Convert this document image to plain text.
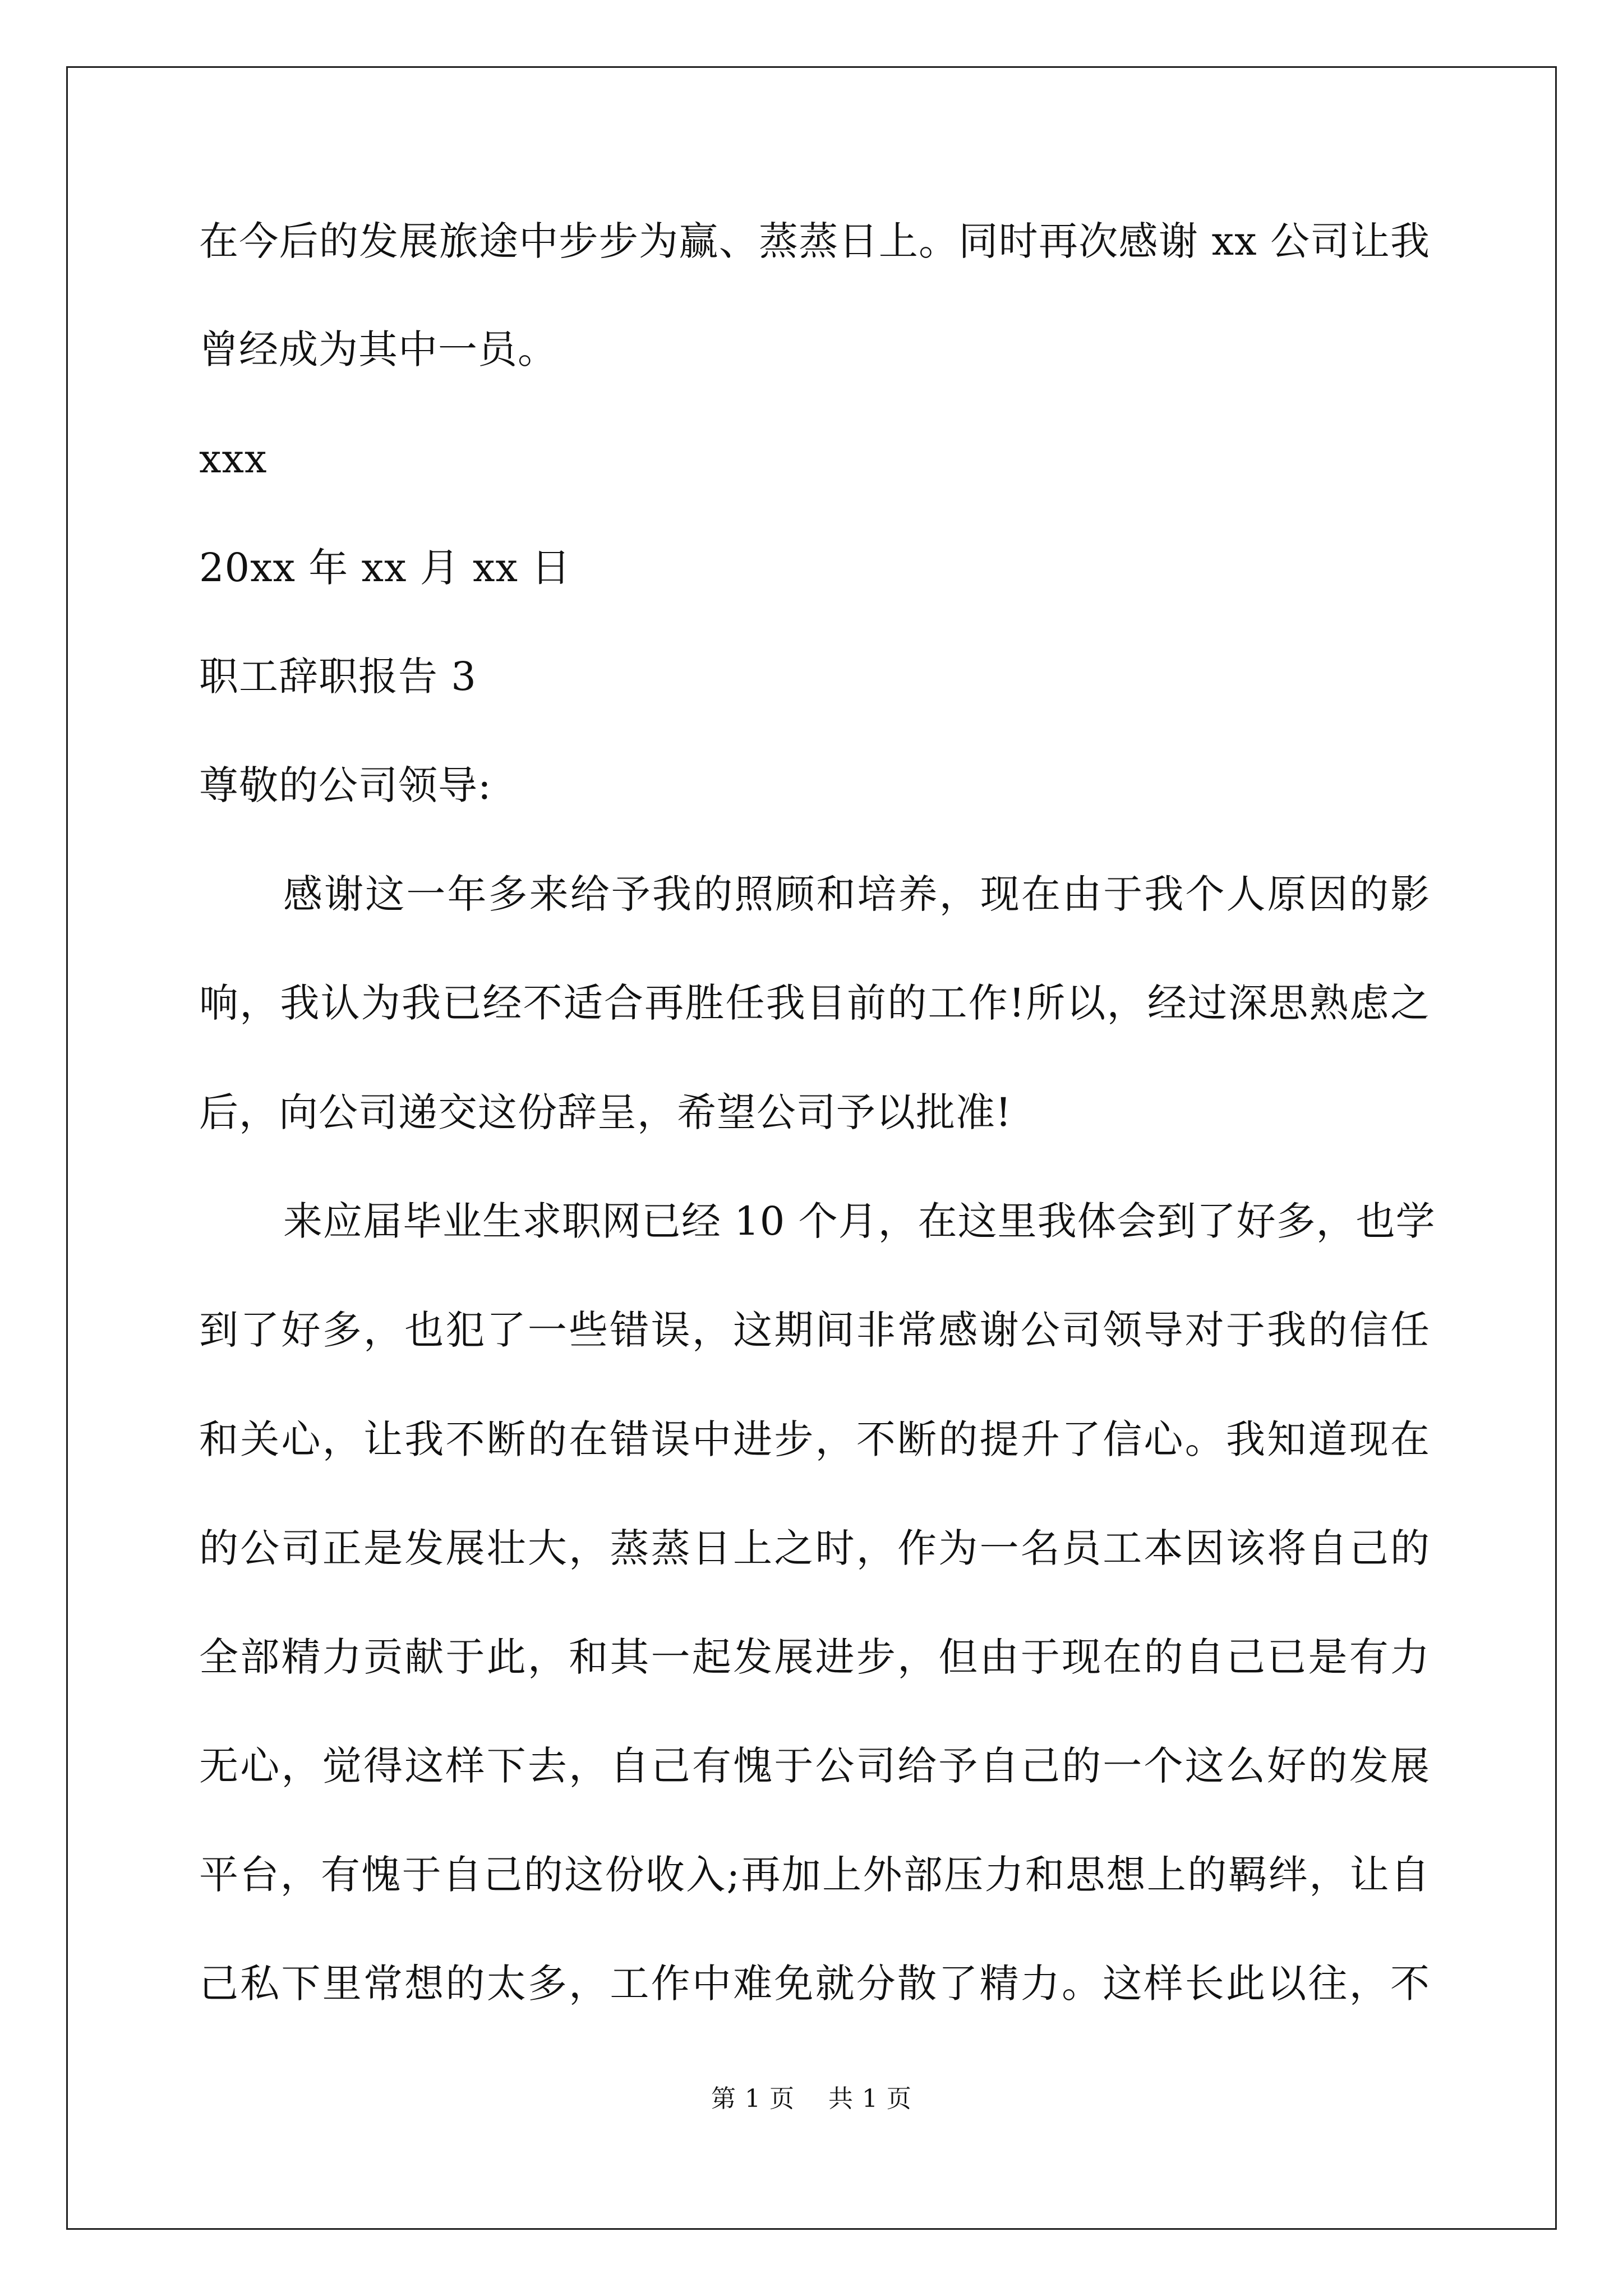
在今后的发展旅途中步步为赢、蒸蒸日上。同时再次感谢 xx 公司让我
曾经成为其中一员。
xxx
20xx 年 xx 月 xx 日
职工辞职报告 3
尊敬的公司领导:
感谢这一年多来给予我的照顾和培养，现在由于我个人原因的影
响，我认为我已经不适合再胜任我目前的工作!所以，经过深思熟虑之
后，向公司递交这份辞呈，希望公司予以批准!
来应届毕业生求职网已经 10 个月，在这里我体会到了好多，也学
到了好多，也犯了一些错误，这期间非常感谢公司领导对于我的信任
和关心，让我不断的在错误中进步，不断的提升了信心。我知道现在
的公司正是发展壮大，蒸蒸日上之时，作为一名员工本因该将自己的
全部精力贡献于此，和其一起发展进步，但由于现在的自己已是有力
无心，觉得这样下去，自己有愧于公司给予自己的一个这么好的发展
平台，有愧于自己的这份收入;再加上外部压力和思想上的羁绊，让自
己私下里常想的太多，工作中难免就分散了精力。这样长此以往，不
第 1 页    共 1 页
